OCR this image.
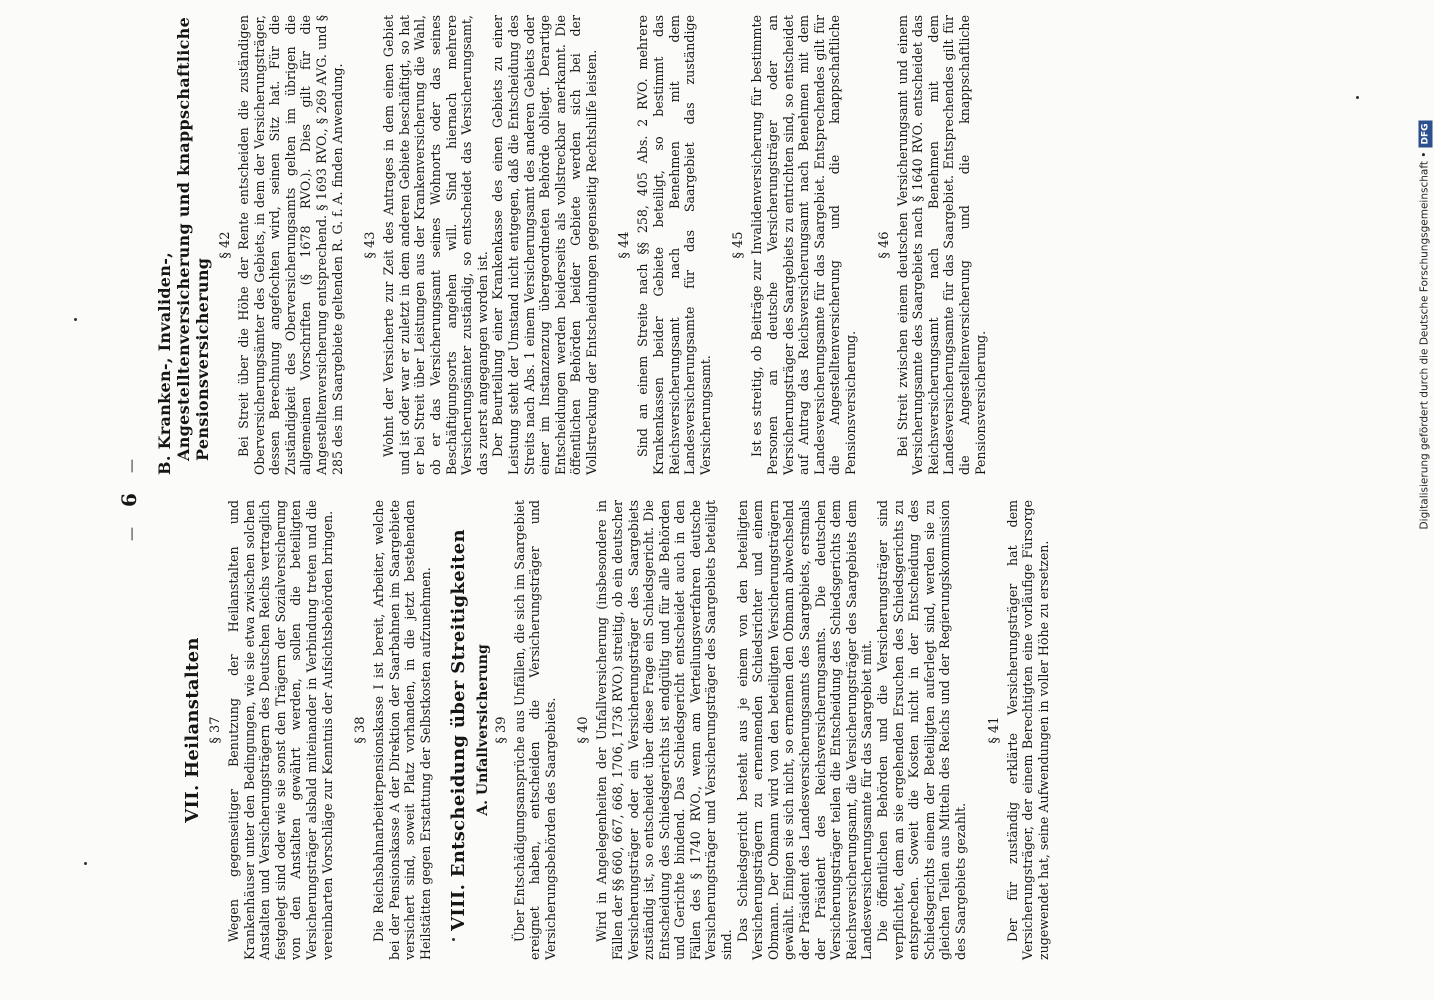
—6—
VII. Heilanstalten § 37 Wegen gegenseitiger Benutzung der Heilanstalten und Krankenhäuser unter den Bedingungen, wie sie etwa zwischen solchen Anstalten und Versicherungsträgern des Deutschen Reichs vertraglich festgelegt sind oder wie sie sonst den Trägern der Sozialversicherung von den Anstalten gewährt werden, sollen die beteiligten Versicherungsträger alsbald miteinander in Verbindung treten und die vereinbarten Vorschläge zur Kenntnis der Aufsichtsbehörden bringen. § 38 Die Reichsbahnarbeiterpensionskasse I ist bereit, Arbeiter, welche bei der Pensionskasse A der Direktion der Saarbahnen im Saargebiete versichert sind, soweit Platz vorhanden, in die jetzt bestehenden Heilstätten gegen Erstattung der Selbstkosten aufzunehmen. VIII. Entscheidung über Streitigkeiten A. Unfallversicherung § 39 Über Entschädigungsansprüche aus Unfällen, die sich im Saargebiet ereignet haben, entscheiden die Versicherungsträger und Versicherungsbehörden des Saargebiets. § 40 Wird in Angelegenheiten der Unfallversicherung (insbesondere in Fällen der §§ 660, 667, 668, 1706, 1736 RVO.) streitig, ob ein deutscher Versicherungsträger oder ein Versicherungsträger des Saargebiets zuständig ist, so entscheidet über diese Frage ein Schiedsgericht. Die Entscheidung des Schiedsgerichts ist endgültig und für alle Behörden und Gerichte bindend. Das Schiedsgericht entscheidet auch in den Fällen des § 1740 RVO., wenn am Verteilungsverfahren deutsche Versicherungsträger und Versicherungsträger des Saargebiets beteiligt sind.

Das Schiedsgericht besteht aus je einem von den beteiligten Versicherungsträgern zu ernennenden Schiedsrichter und einem Obmann. Der Obmann wird von den beteiligten Versicherungsträgern gewählt. Einigen sie sich nicht, so ernennen den Obmann abwechselnd der Präsident des Landesversicherungsamts des Saargebiets, erstmals der Präsident des Reichsversicherungsamts. Die deutschen Versicherungsträger teilen die Entscheidung des Schiedsgerichts dem Reichsversicherungsamt, die Versicherungsträger des Saargebiets dem Landesversicherungsamte für das Saargebiet mit. Die öffentlichen Behörden und die Versicherungsträger sind verpflichtet, dem an sie ergehenden Ersuchen des Schiedsgerichts zu entsprechen. Soweit die Kosten nicht in der Entscheidung des Schiedsgerichts einem der Beteiligten auferlegt sind, werden sie zu gleichen Teilen aus Mitteln des Reichs und der Regierungskommission des Saargebiets gezahlt.

§ 41 Der für zuständig erklärte Versicherungsträger hat dem Versicherungsträger, der einem Berechtigten eine vorläufige Fürsorge zugewendet hat, seine Aufwendungen in voller Höhe zu ersetzen.

B. Kranken-, Invaliden-, Angestelltenversicherung und knappschaftliche Pensionsversicherung
§ 42 Bei Streit über die Höhe der Rente entscheiden die zuständigen Oberversicherungsämter des Gebiets, in dem der Versicherungsträger, dessen Berechnung angefochten wird, seinen Sitz hat. Für die Zuständigkeit des Oberversicherungsamts gelten im übrigen die allgemeinen Vorschriften (§ 1678 RVO.). Dies gilt für die Angestelltenversicherung entsprechend. § 1693 RVO., § 269 AVG. und § 285 des im Saargebiete geltenden R. G. f. A. finden Anwendung. § 43 Wohnt der Versicherte zur Zeit des Antrages in dem einen Gebiet und ist oder war er zuletzt in dem anderen Gebiete beschäftigt, so hat er bei Streit über Leistungen aus der Krankenversicherung die Wahl, ob er das Versicherungsamt seines Wohnorts oder das seines Beschäftigungsorts angehen will. Sind hiernach mehrere Versicherungsämter zuständig, so entscheidet das Versicherungsamt, das zuerst angegangen worden ist. Der Beurteilung einer Krankenkasse des einen Gebiets zu einer Leistung steht der Umstand nicht entgegen, daß die Entscheidung des Streits nach Abs. 1 einem Versicherungsamt des anderen Gebiets oder einer im Instanzenzug übergeordneten Behörde obliegt. Derartige Entscheidungen werden beiderseits als vollstreckbar anerkannt. Die öffentlichen Behörden beider Gebiete werden sich bei der Vollstreckung der Entscheidungen gegenseitig Rechtshilfe leisten. § 44 Sind an einem Streite nach §§ 258, 405 Abs. 2 RVO. mehrere Krankenkassen beider Gebiete beteiligt, so bestimmt das Reichsversicherungsamt nach Benehmen mit dem Landesversicherungsamte für das Saargebiet das zuständige Versicherungsamt.

§ 45 Ist es streitig, ob Beiträge zur Invalidenversicherung für bestimmte Personen an deutsche Versicherungsträger oder an Versicherungsträger des Saargebiets zu entrichten sind, so entscheidet auf Antrag das Reichsversicherungsamt nach Benehmen mit dem Landesversicherungsamte für das Saargebiet. Entsprechendes gilt für die Angestelltenversicherung und die knappschaftliche Pensionsversicherung.

§ 46 Bei Streit zwischen einem deutschen Versicherungsamt und einem Versicherungsamte des Saargebiets nach § 1640 RVO. entscheidet das Reichsversicherungsamt nach Benehmen mit dem Landesversicherungsamte für das Saargebiet. Entsprechendes gilt für die Angestelltenversicherung und die knappschaftliche Pensionsversicherung.	Digitalisierung gefördert durch die Deutsche Forschungsgemeinschaft •DFG
